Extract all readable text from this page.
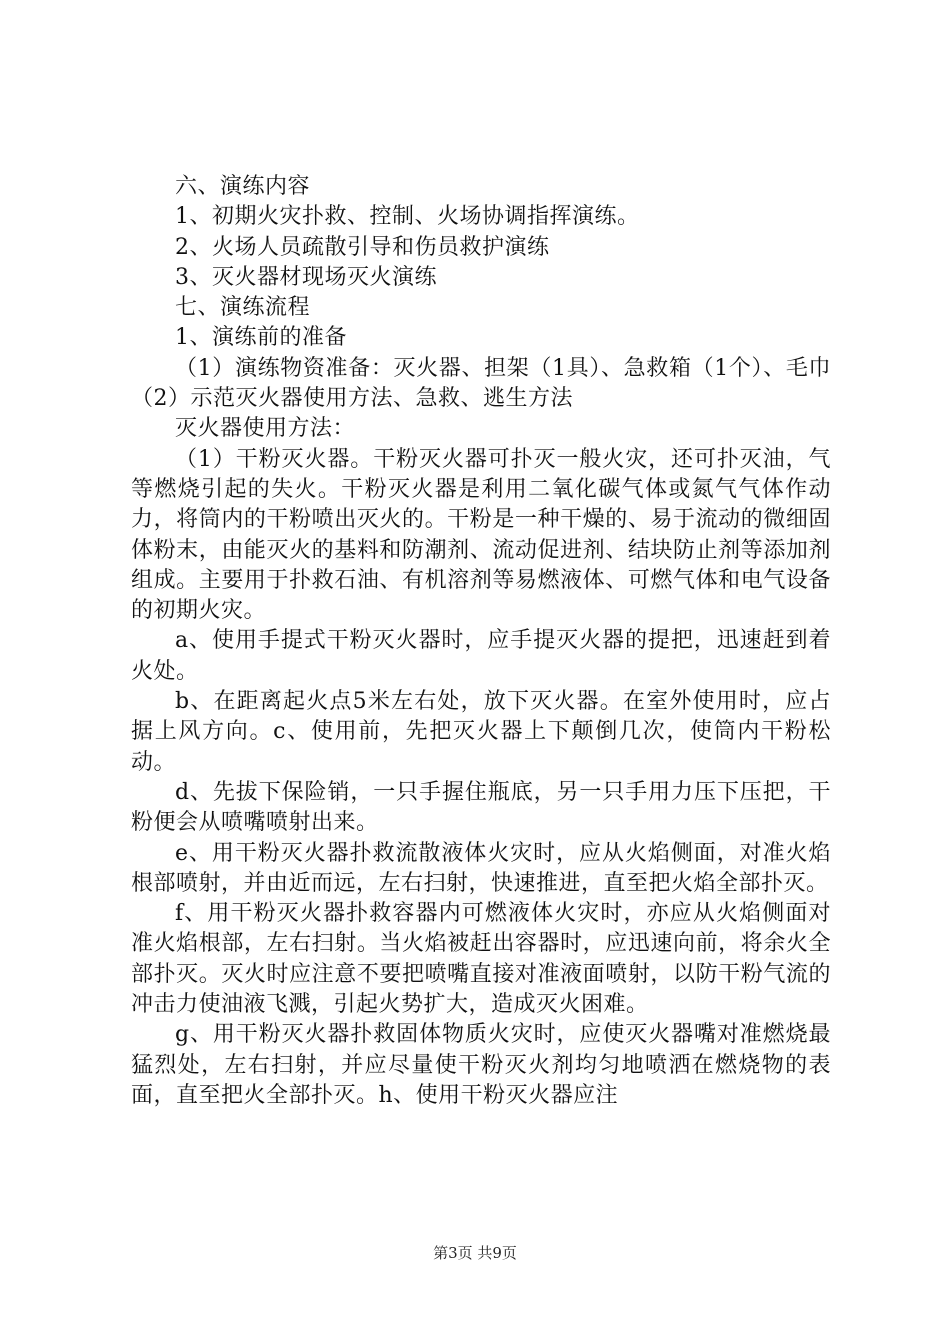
六、演练内容

1、初期火灾扑救、控制、火场协调指挥演练。

2、火场人员疏散引导和伤员救护演练

3、灭火器材现场灭火演练

七、演练流程

1、演练前的准备

（1）演练物资准备：灭火器、担架（1具）、急救箱（1个）、毛巾（2）示范灭火器使用方法、急救、逃生方法

灭火器使用方法：

（1）干粉灭火器。干粉灭火器可扑灭一般火灾，还可扑灭油，气等燃烧引起的失火。干粉灭火器是利用二氧化碳气体或氮气气体作动力，将筒内的干粉喷出灭火的。干粉是一种干燥的、易于流动的微细固体粉末，由能灭火的基料和防潮剂、流动促进剂、结块防止剂等添加剂组成。主要用于扑救石油、有机溶剂等易燃液体、可燃气体和电气设备的初期火灾。

a、使用手提式干粉灭火器时，应手提灭火器的提把，迅速赶到着火处。

b、在距离起火点5米左右处，放下灭火器。在室外使用时，应占据上风方向。c、使用前，先把灭火器上下颠倒几次，使筒内干粉松动。

d、先拔下保险销，一只手握住瓶底，另一只手用力压下压把，干粉便会从喷嘴喷射出来。

e、用干粉灭火器扑救流散液体火灾时，应从火焰侧面，对准火焰根部喷射，并由近而远，左右扫射，快速推进，直至把火焰全部扑灭。

f、用干粉灭火器扑救容器内可燃液体火灾时，亦应从火焰侧面对准火焰根部，左右扫射。当火焰被赶出容器时，应迅速向前，将余火全部扑灭。灭火时应注意不要把喷嘴直接对准液面喷射，以防干粉气流的冲击力使油液飞溅，引起火势扩大，造成灭火困难。

g、用干粉灭火器扑救固体物质火灾时，应使灭火器嘴对准燃烧最猛烈处，左右扫射，并应尽量使干粉灭火剂均匀地喷洒在燃烧物的表面，直至把火全部扑灭。h、使用干粉灭火器应注

第3页 共9页
